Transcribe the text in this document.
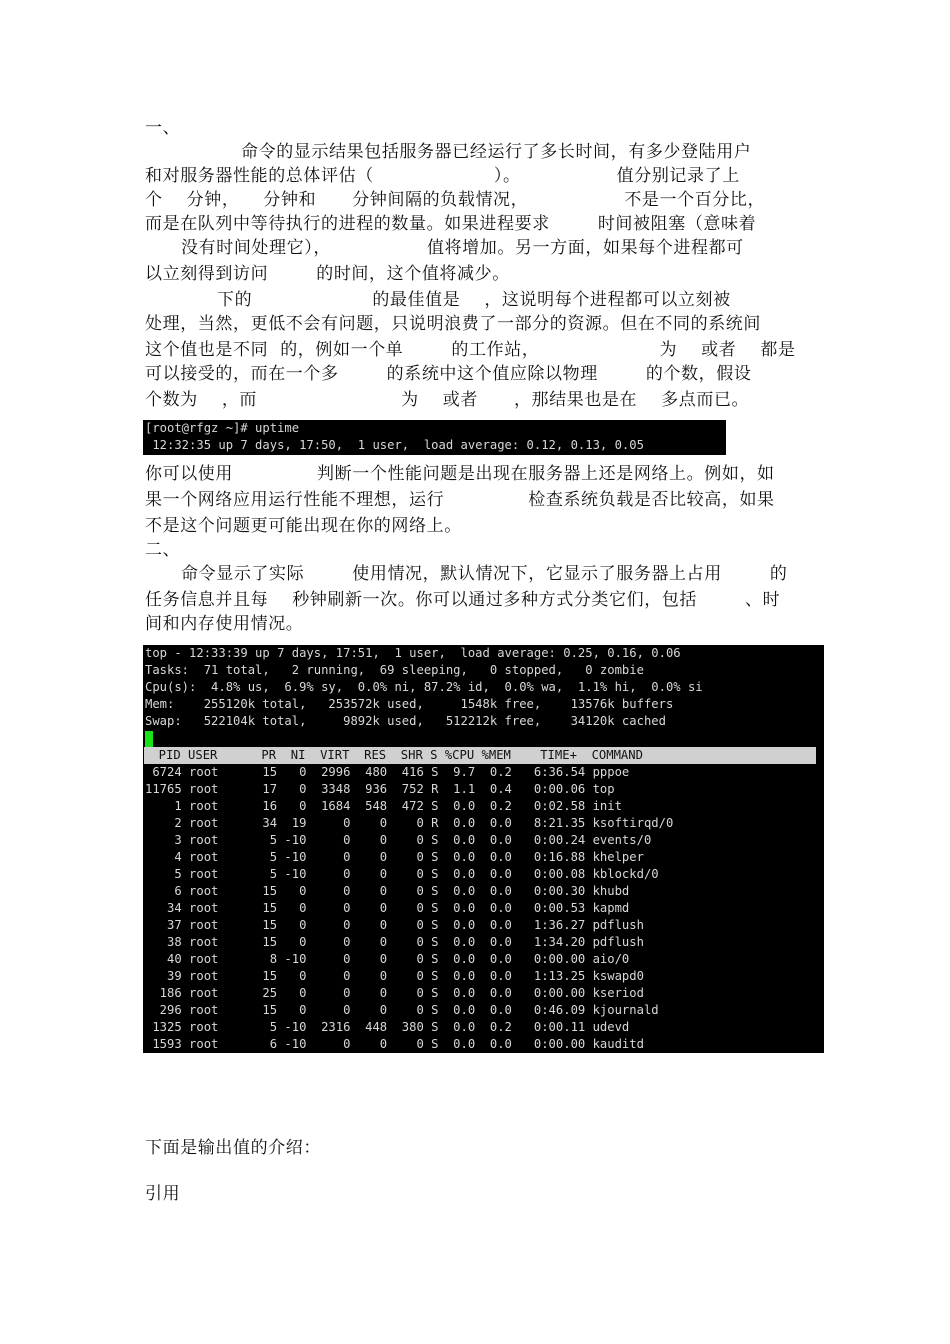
一、
命令的显示结果包括服务器已经运行了多长时间，有多少登陆用户
和对服务器性能的总体评估（                    ）。                值分别记录了上
个    分钟，    分钟和      分钟间隔的负载情况，                不是一个百分比，
而是在队列中等待执行的进程的数量。如果进程要求        时间被阻塞（意味着
没有时间处理它），                值将增加。另一方面，如果每个进程都可
以立刻得到访问        的时间，这个值将减少。
下的                    的最佳值是    ，这说明每个进程都可以立刻被
处理，当然，更低不会有问题，只说明浪费了一部分的资源。但在不同的系统间
这个值也是不同  的，例如一个单        的工作站，                    为    或者    都是
可以接受的，而在一个多        的系统中这个值应除以物理        的个数，假设
个数为    ，而                        为    或者      ，那结果也是在    多点而已。
你可以使用              判断一个性能问题是出现在服务器上还是网络上。例如，如
果一个网络应用运行性能不理想，运行              检查系统负载是否比较高，如果
不是这个问题更可能出现在你的网络上。
二、
命令显示了实际        使用情况，默认情况下，它显示了服务器上占用        的
任务信息并且每    秒钟刷新一次。你可以通过多种方式分类它们，包括        、时
间和内存使用情况。
下面是输出值的介绍：
引用
[root@rfgz ~]# uptime
12:32:35 up 7 days, 17:50,  1 user,  load average: 0.12, 0.13, 0.05
top - 12:33:39 up 7 days, 17:51,  1 user,  load average: 0.25, 0.16, 0.06
Tasks:  71 total,   2 running,  69 sleeping,   0 stopped,   0 zombie
Cpu(s):  4.8% us,  6.9% sy,  0.0% ni, 87.2% id,  0.0% wa,  1.1% hi,  0.0% si
Mem:    255120k total,   253572k used,     1548k free,    13576k buffers
Swap:   522104k total,     9892k used,   512212k free,    34120k cached
PID USER      PR  NI  VIRT  RES  SHR S %CPU %MEM    TIME+  COMMAND
6724 root      15   0  2996  480  416 S  9.7  0.2   6:36.54 pppoe
11765 root      17   0  3348  936  752 R  1.1  0.4   0:00.06 top
1 root      16   0  1684  548  472 S  0.0  0.2   0:02.58 init
2 root      34  19     0    0    0 R  0.0  0.0   8:21.35 ksoftirqd/0
3 root       5 -10     0    0    0 S  0.0  0.0   0:00.24 events/0
4 root       5 -10     0    0    0 S  0.0  0.0   0:16.88 khelper
5 root       5 -10     0    0    0 S  0.0  0.0   0:00.08 kblockd/0
6 root      15   0     0    0    0 S  0.0  0.0   0:00.30 khubd
34 root      15   0     0    0    0 S  0.0  0.0   0:00.53 kapmd
37 root      15   0     0    0    0 S  0.0  0.0   1:36.27 pdflush
38 root      15   0     0    0    0 S  0.0  0.0   1:34.20 pdflush
40 root       8 -10     0    0    0 S  0.0  0.0   0:00.00 aio/0
39 root      15   0     0    0    0 S  0.0  0.0   1:13.25 kswapd0
186 root      25   0     0    0    0 S  0.0  0.0   0:00.00 kseriod
296 root      15   0     0    0    0 S  0.0  0.0   0:46.09 kjournald
1325 root       5 -10  2316  448  380 S  0.0  0.2   0:00.11 udevd
1593 root       6 -10     0    0    0 S  0.0  0.0   0:00.00 kauditd
